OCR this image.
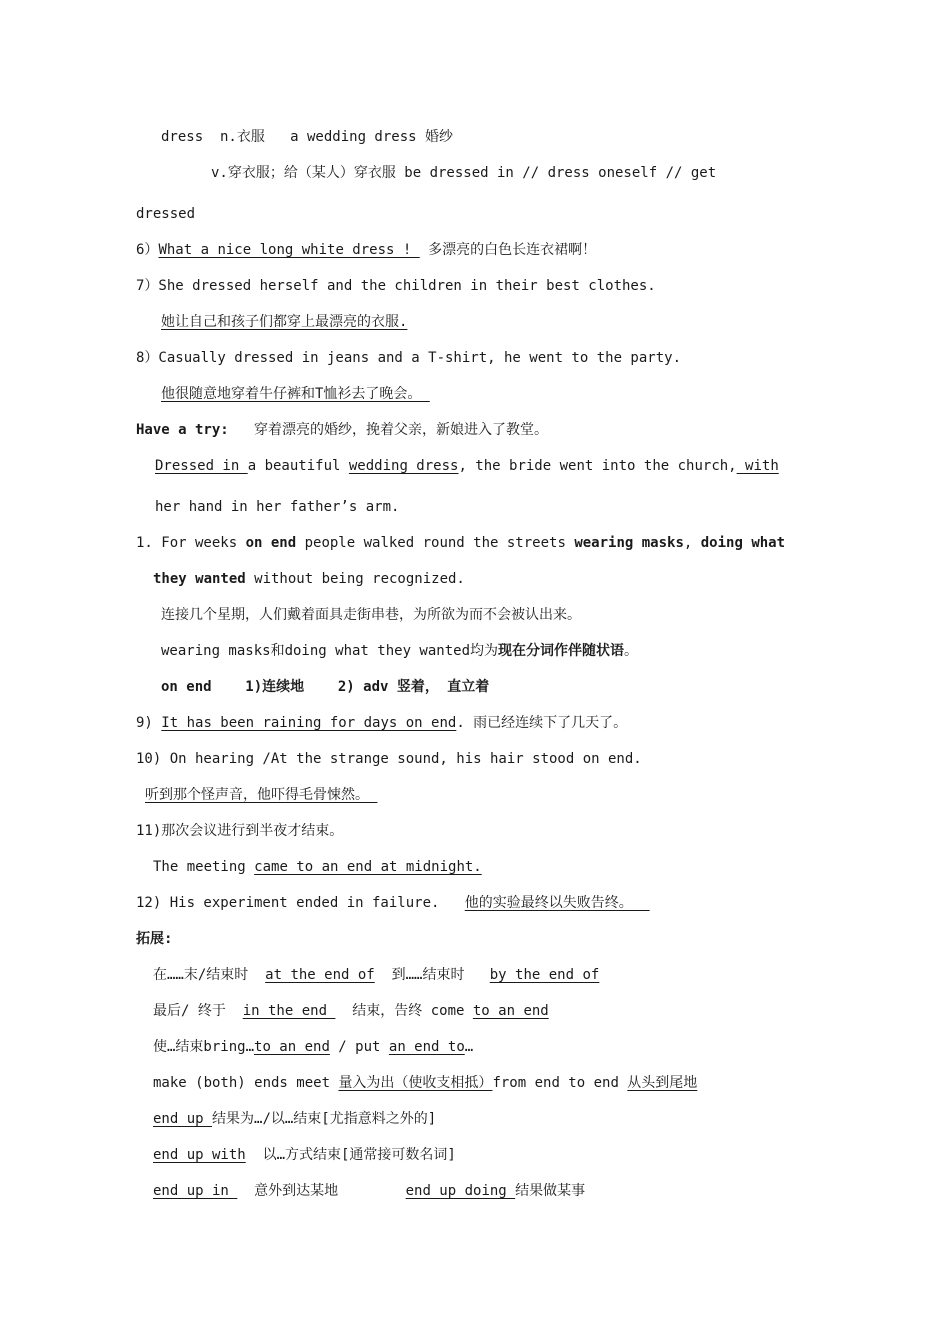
dress  n.衣服   a wedding dress 婚纱
v.穿衣服；给（某人）穿衣服 be dressed in // dress oneself // get
dressed
6）What a nice long white dress !  多漂亮的白色长连衣裙啊！
7）She dressed herself and the children in their best clothes.
她让自己和孩子们都穿上最漂亮的衣服.
8）Casually dressed in jeans and a T-shirt, he went to the party.
他很随意地穿着牛仔裤和T恤衫去了晚会。
Have a try:   穿着漂亮的婚纱，挽着父亲，新娘进入了教堂。
Dressed in a beautiful wedding dress, the bride went into the church, with
her hand in her father’s arm.
1. For weeks on end people walked round the streets wearing masks, doing what
they wanted without being recognized.
连接几个星期，人们戴着面具走街串巷，为所欲为而不会被认出来。
wearing masks和doing what they wanted均为现在分词作伴随状语。
on end    1)连续地    2) adv 竖着， 直立着
9) It has been raining for days on end. 雨已经连续下了几天了。
10) On hearing /At the strange sound, his hair stood on end.
听到那个怪声音，他吓得毛骨悚然。
11)那次会议进行到半夜才结束。
The meeting came to an end at midnight.
12) His experiment ended in failure.   他的实验最终以失败告终。
拓展:
在……末/结束时  at the end of  到……结束时   by the end of
最后/ 终于  in the end   结束，告终 come to an end
使…结束bring…to an end / put an end to…
make (both) ends meet 量入为出（使收支相抵）from end to end 从头到尾地
end up 结果为…/以…结束[尤指意料之外的]
end up with  以…方式结束[通常接可数名词]
end up in   意外到达某地        end up doing 结果做某事
